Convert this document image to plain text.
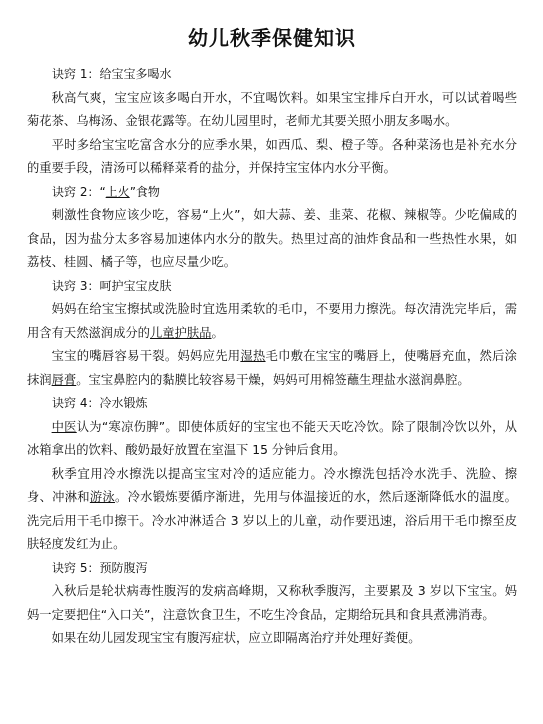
幼儿秋季保健知识

诀窍 1：给宝宝多喝水

秋高气爽，宝宝应该多喝白开水，不宜喝饮料。如果宝宝排斥白开水，可以试着喝些菊花茶、乌梅汤、金银花露等。在幼儿园里时，老师尤其要关照小朋友多喝水。

平时多给宝宝吃富含水分的应季水果，如西瓜、梨、橙子等。各种菜汤也是补充水分的重要手段，清汤可以稀释菜肴的盐分，并保持宝宝体内水分平衡。

诀窍 2：“上火”食物

刺激性食物应该少吃，容易“上火”，如大蒜、姜、韭菜、花椒、辣椒等。少吃偏咸的食品，因为盐分太多容易加速体内水分的散失。热里过高的油炸食品和一些热性水果，如荔枝、桂圆、橘子等，也应尽量少吃。

诀窍 3：呵护宝宝皮肤

妈妈在给宝宝擦拭或洗脸时宜选用柔软的毛巾，不要用力擦洗。每次清洗完毕后，需用含有天然滋润成分的儿童护肤品。

宝宝的嘴唇容易干裂。妈妈应先用湿热毛巾敷在宝宝的嘴唇上，使嘴唇充血，然后涂抹润唇膏。宝宝鼻腔内的黏膜比较容易干燥，妈妈可用棉签蘸生理盐水滋润鼻腔。

诀窍 4：冷水锻炼

中医认为“寒凉伤脾”。即使体质好的宝宝也不能天天吃冷饮。除了限制冷饮以外，从冰箱拿出的饮料、酸奶最好放置在室温下 15 分钟后食用。

秋季宜用冷水擦洗以提高宝宝对冷的适应能力。冷水擦洗包括冷水洗手、洗脸、擦身、冲淋和游泳。冷水锻炼要循序渐进，先用与体温接近的水，然后逐渐降低水的温度。洗完后用干毛巾擦干。冷水冲淋适合 3 岁以上的儿童，动作要迅速，浴后用干毛巾擦至皮肤轻度发红为止。

诀窍 5：预防腹泻

入秋后是轮状病毒性腹泻的发病高峰期，又称秋季腹泻，主要累及 3 岁以下宝宝。妈妈一定要把住“入口关”，注意饮食卫生，不吃生冷食品，定期给玩具和食具煮沸消毒。

如果在幼儿园发现宝宝有腹泻症状，应立即隔离治疗并处理好粪便。
